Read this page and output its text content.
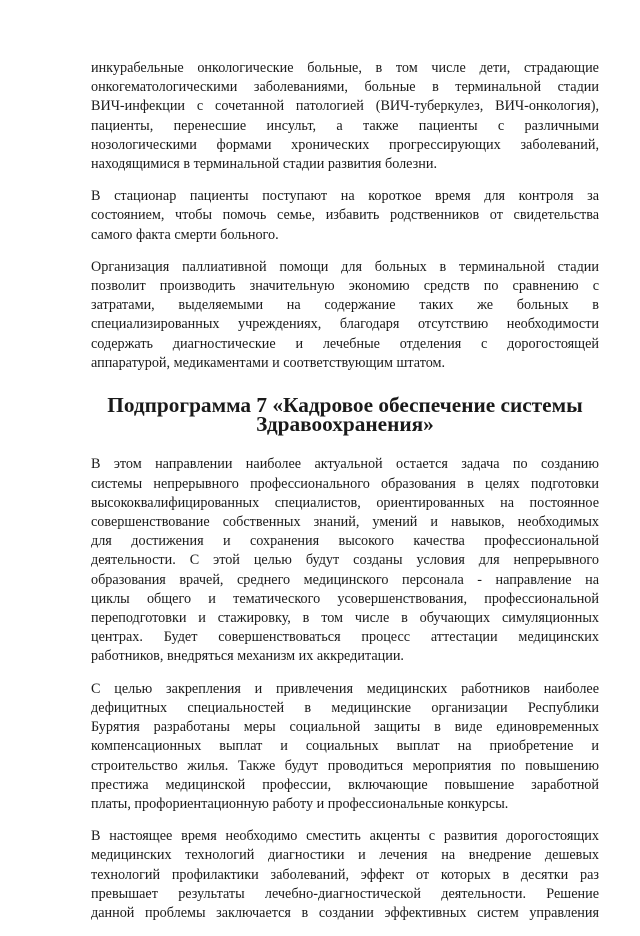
инкурабельные онкологические больные, в том числе дети, страдающие
онкогематологическими заболеваниями, больные в терминальной стадии
ВИЧ-инфекции с сочетанной патологией (ВИЧ-туберкулез, ВИЧ-онкология),
пациенты, перенесшие инсульт, а также пациенты с различными
нозологическими формами хронических прогрессирующих заболеваний,
находящимися в терминальной стадии развития болезни.

В стационар пациенты поступают на короткое время для контроля за
состоянием, чтобы помочь семье, избавить родственников от свидетельства
самого факта смерти больного.

Организация паллиативной помощи для больных в терминальной стадии
позволит производить значительную экономию средств по сравнению с
затратами, выделяемыми на содержание таких же больных в
специализированных учреждениях, благодаря отсутствию необходимости
содержать диагностические и лечебные отделения с дорогостоящей
аппаратурой, медикаментами и соответствующим штатом.

Подпрограмма 7 «Кадровое обеспечение системы
Здравоохранения»

В этом направлении наиболее актуальной остается задача по созданию
системы непрерывного профессионального образования в целях подготовки
высококвалифицированных специалистов, ориентированных на постоянное
совершенствование собственных знаний, умений и навыков, необходимых
для достижения и сохранения высокого качества профессиональной
деятельности. С этой целью будут созданы условия для непрерывного
образования врачей, среднего медицинского персонала - направление на
циклы общего и тематического усовершенствования, профессиональной
переподготовки и стажировку, в том числе в обучающих симуляционных
центрах. Будет совершенствоваться процесс аттестации медицинских
работников, внедряться механизм их аккредитации.

С целью закрепления и привлечения медицинских работников наиболее
дефицитных специальностей в медицинские организации Республики
Бурятия разработаны меры социальной защиты в виде единовременных
компенсационных выплат и социальных выплат на приобретение и
строительство жилья. Также будут проводиться мероприятия по повышению
престижа медицинской профессии, включающие повышение заработной
платы, профориентационную работу и профессиональные конкурсы.

В настоящее время необходимо сместить акценты с развития дорогостоящих
медицинских технологий диагностики и лечения на внедрение дешевых
технологий профилактики заболеваний, эффект от которых в десятки раз
превышает результаты лечебно-диагностической деятельности. Решение
данной проблемы заключается в создании эффективных систем управления
